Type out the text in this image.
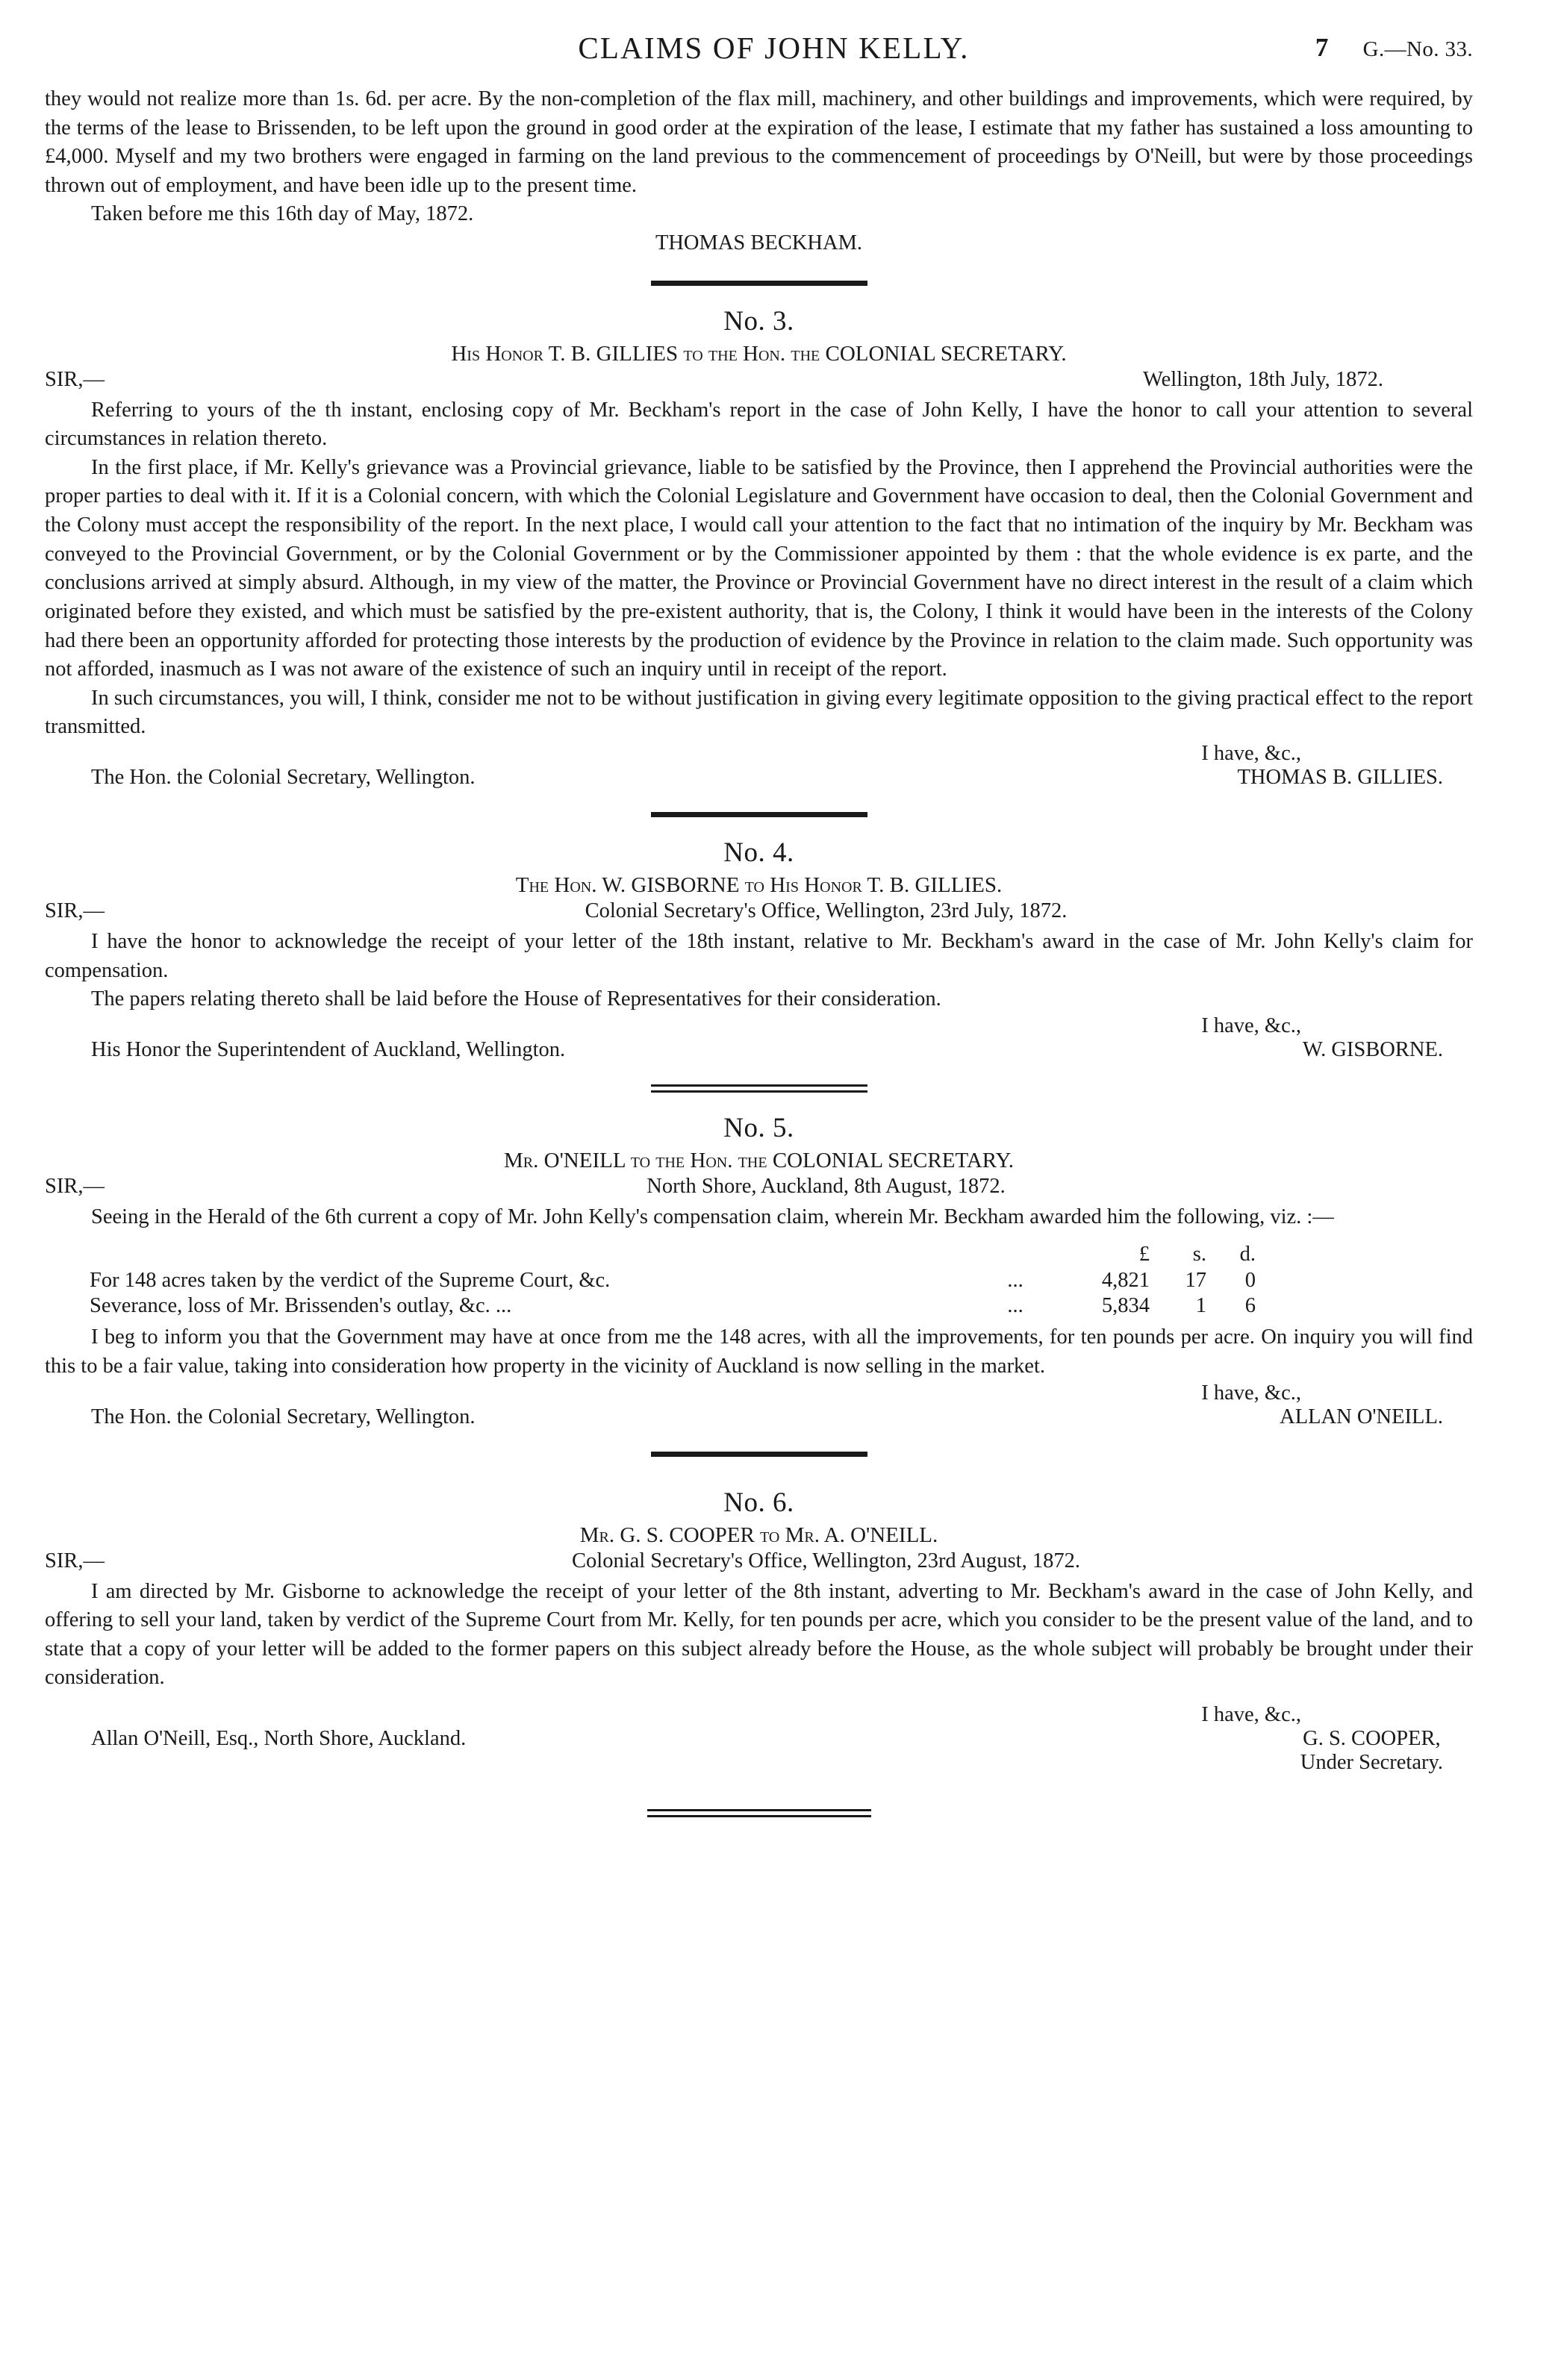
CLAIMS OF JOHN KELLY.	7 G.—No. 33.

they would not realize more than 1s. 6d. per acre. By the non-completion of the flax mill, machinery, and other buildings and improvements, which were required, by the terms of the lease to Brissenden, to be left upon the ground in good order at the expiration of the lease, I estimate that my father has sustained a loss amounting to £4,000. Myself and my two brothers were engaged in farming on the land previous to the commencement of proceedings by O'Neill, but were by those proceedings thrown out of employment, and have been idle up to the present time.

Taken before me this 16th day of May, 1872.

THOMAS BECKHAM.

No. 3.
His Honor T. B. GILLIES to the Hon. the COLONIAL SECRETARY.
SIR,—	Wellington, 18th July, 1872.

Referring to yours of the th instant, enclosing copy of Mr. Beckham's report in the case of John Kelly, I have the honor to call your attention to several circumstances in relation thereto.

In the first place, if Mr. Kelly's grievance was a Provincial grievance, liable to be satisfied by the Province, then I apprehend the Provincial authorities were the proper parties to deal with it. If it is a Colonial concern, with which the Colonial Legislature and Government have occasion to deal, then the Colonial Government and the Colony must accept the responsibility of the report. In the next place, I would call your attention to the fact that no intimation of the inquiry by Mr. Beckham was conveyed to the Provincial Government, or by the Colonial Government or by the Commissioner appointed by them : that the whole evidence is ex parte, and the conclusions arrived at simply absurd. Although, in my view of the matter, the Province or Provincial Government have no direct interest in the result of a claim which originated before they existed, and which must be satisfied by the pre-existent authority, that is, the Colony, I think it would have been in the interests of the Colony had there been an opportunity afforded for protecting those interests by the production of evidence by the Province in relation to the claim made. Such opportunity was not afforded, inasmuch as I was not aware of the existence of such an inquiry until in receipt of the report.

In such circumstances, you will, I think, consider me not to be without justification in giving every legitimate opposition to the giving practical effect to the report transmitted.

I have, &c.,
The Hon. the Colonial Secretary, Wellington.	THOMAS B. GILLIES.
No. 4.
The Hon. W. GISBORNE to His Honor T. B. GILLIES.
SIR,—	Colonial Secretary's Office, Wellington, 23rd July, 1872.

I have the honor to acknowledge the receipt of your letter of the 18th instant, relative to Mr. Beckham's award in the case of Mr. John Kelly's claim for compensation.

The papers relating thereto shall be laid before the House of Representatives for their consideration.

I have, &c.,
His Honor the Superintendent of Auckland, Wellington.	W. GISBORNE.
No. 5.
Mr. O'NEILL to the Hon. the COLONIAL SECRETARY.
SIR,—	North Shore, Auckland, 8th August, 1872.

Seeing in the Herald of the 6th current a copy of Mr. John Kelly's compensation claim, wherein Mr. Beckham awarded him the following, viz. :—

		£	s.	d.
For 148 acres taken by the verdict of the Supreme Court, &c.	...	4,821	17	0
Severance, loss of Mr. Brissenden's outlay, &c. ...	...	5,834	1	6

I beg to inform you that the Government may have at once from me the 148 acres, with all the improvements, for ten pounds per acre. On inquiry you will find this to be a fair value, taking into consideration how property in the vicinity of Auckland is now selling in the market.

I have, &c.,
The Hon. the Colonial Secretary, Wellington.	ALLAN O'NEILL.
No. 6.
Mr. G. S. COOPER to Mr. A. O'NEILL.
SIR,—	Colonial Secretary's Office, Wellington, 23rd August, 1872.

I am directed by Mr. Gisborne to acknowledge the receipt of your letter of the 8th instant, adverting to Mr. Beckham's award in the case of John Kelly, and offering to sell your land, taken by verdict of the Supreme Court from Mr. Kelly, for ten pounds per acre, which you consider to be the present value of the land, and to state that a copy of your letter will be added to the former papers on this subject already before the House, as the whole subject will probably be brought under their consideration.

I have, &c.,
Allan O'Neill, Esq., North Shore, Auckland.	G. S. COOPER,
Under Secretary.
